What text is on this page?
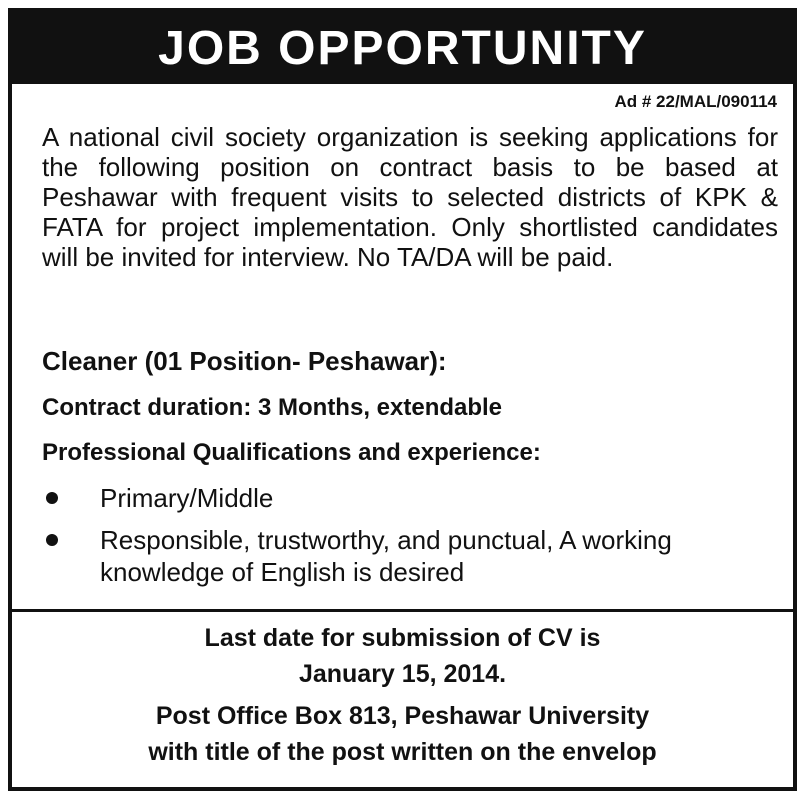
JOB OPPORTUNITY
Ad # 22/MAL/090114
A national civil society organization is seeking applications for the following position on contract basis to be based at Peshawar with frequent visits to selected districts of KPK & FATA for project implementation. Only shortlisted candidates will be invited for interview. No TA/DA will be paid.
Cleaner (01 Position- Peshawar):
Contract duration: 3 Months, extendable
Professional Qualifications and experience:
Primary/Middle
Responsible, trustworthy, and punctual, A working knowledge of English is desired
Last date for submission of CV is
January 15, 2014.
Post Office Box 813, Peshawar University
with title of the post written on the envelop
